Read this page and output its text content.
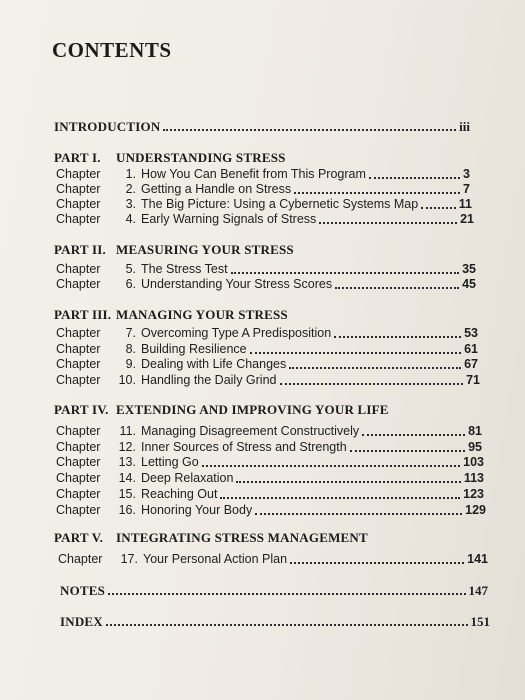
CONTENTS
INTRODUCTION	iii
PART I. UNDERSTANDING STRESS
Chapter	1. How You Can Benefit from This Program	3
Chapter	2. Getting a Handle on Stress	7
Chapter	3. The Big Picture: Using a Cybernetic Systems Map	11
Chapter	4. Early Warning Signals of Stress	21
PART II. MEASURING YOUR STRESS
Chapter	5. The Stress Test	35
Chapter	6. Understanding Your Stress Scores	45
PART III. MANAGING YOUR STRESS
Chapter	7. Overcoming Type A Predisposition	53
Chapter	8. Building Resilience	61
Chapter	9. Dealing with Life Changes	67
Chapter	10. Handling the Daily Grind	71
PART IV. EXTENDING AND IMPROVING YOUR LIFE
Chapter	11. Managing Disagreement Constructively	81
Chapter	12. Inner Sources of Stress and Strength	95
Chapter	13. Letting Go	103
Chapter	14. Deep Relaxation	113
Chapter	15. Reaching Out	123
Chapter	16. Honoring Your Body	129
PART V. INTEGRATING STRESS MANAGEMENT
Chapter	17. Your Personal Action Plan	141
NOTES	147
INDEX	151
